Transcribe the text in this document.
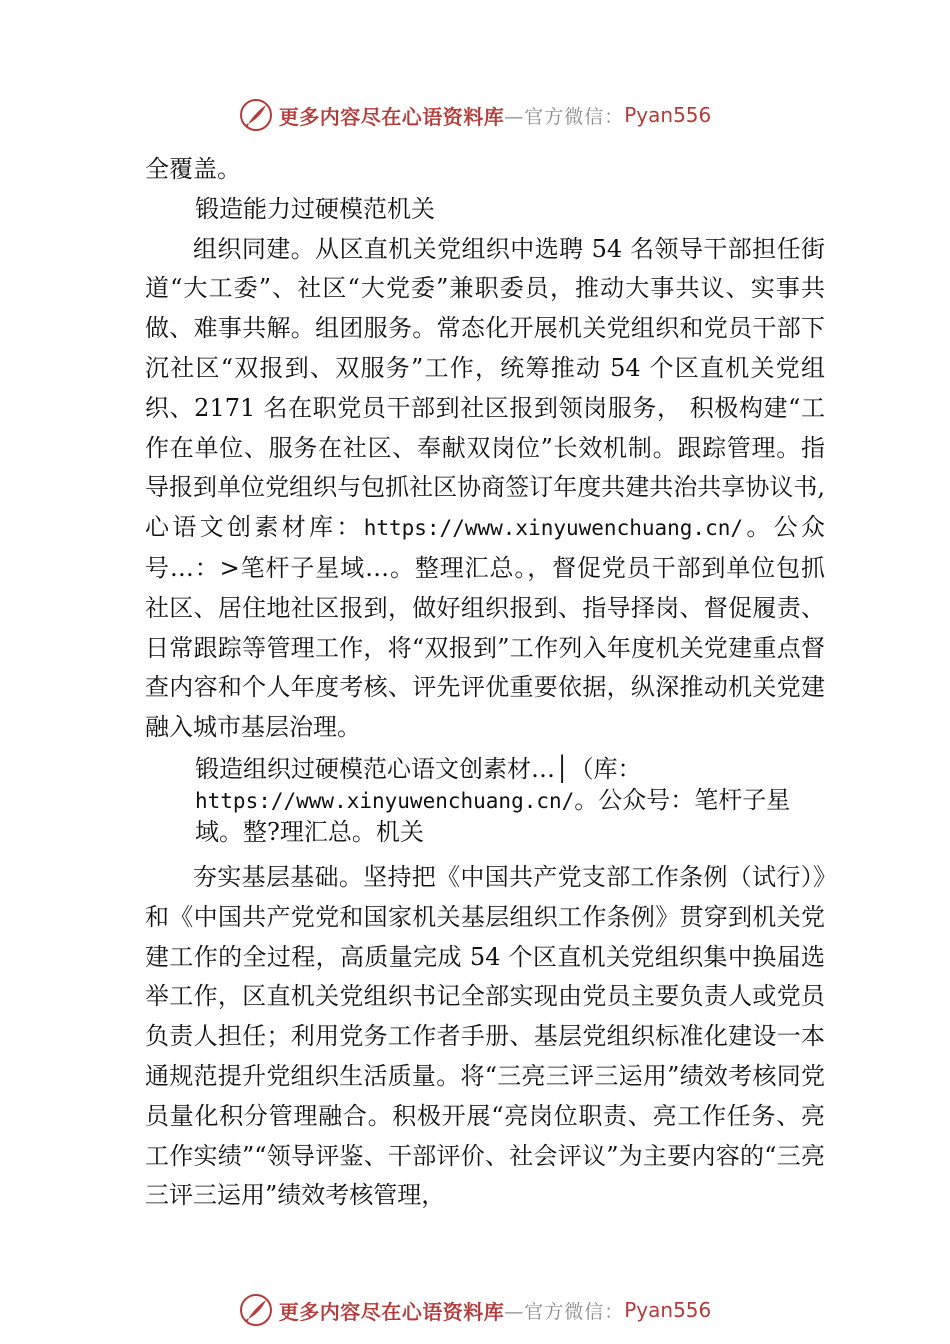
更多内容尽在心语资料库 —官方微信： Pyan556

全覆盖。

锻造能力过硬模范机关

组织同建。从区直机关党组织中选聘 54 名领导干部担任街道“大工委”、社区“大党委”兼职委员，推动大事共议、实事共做、难事共解。组团服务。常态化开展机关党组织和党员干部下沉社区“双报到、双服务”工作，统筹推动 54 个区直机关党组织、2171 名在职党员干部到社区报到领岗服务， 积极构建“工作在单位、服务在社区、奉献双岗位”长效机制。跟踪管理。指导报到单位党组织与包抓社区协商签订年度共建共治共享协议书,心语文创素材库：https://www.xinyuwenchuang.cn/。公众号…：>笔杆子星域…。整理汇总。，督促党员干部到单位包抓社区、居住地社区报到，做好组织报到、指导择岗、督促履责、日常跟踪等管理工作，将“双报到”工作列入年度机关党建重点督查内容和个人年度考核、评先评优重要依据，纵深推动机关党建融入城市基层治理。

锻造组织过硬模范心语文创素材…│（库：https://www.xinyuwenchuang.cn/。公众号：笔杆子星域。整?理汇总。机关

夯实基层基础。坚持把《中国共产党支部工作条例（试行）》和《中国共产党党和国家机关基层组织工作条例》贯穿到机关党建工作的全过程，高质量完成 54 个区直机关党组织集中换届选举工作，区直机关党组织书记全部实现由党员主要负责人或党员负责人担任；利用党务工作者手册、基层党组织标准化建设一本通规范提升党组织生活质量。将“三亮三评三运用”绩效考核同党员量化积分管理融合。积极开展“亮岗位职责、亮工作任务、亮工作实绩”“领导评鉴、干部评价、社会评议”为主要内容的“三亮三评三运用”绩效考核管理，

更多内容尽在心语资料库 —官方微信： Pyan556
